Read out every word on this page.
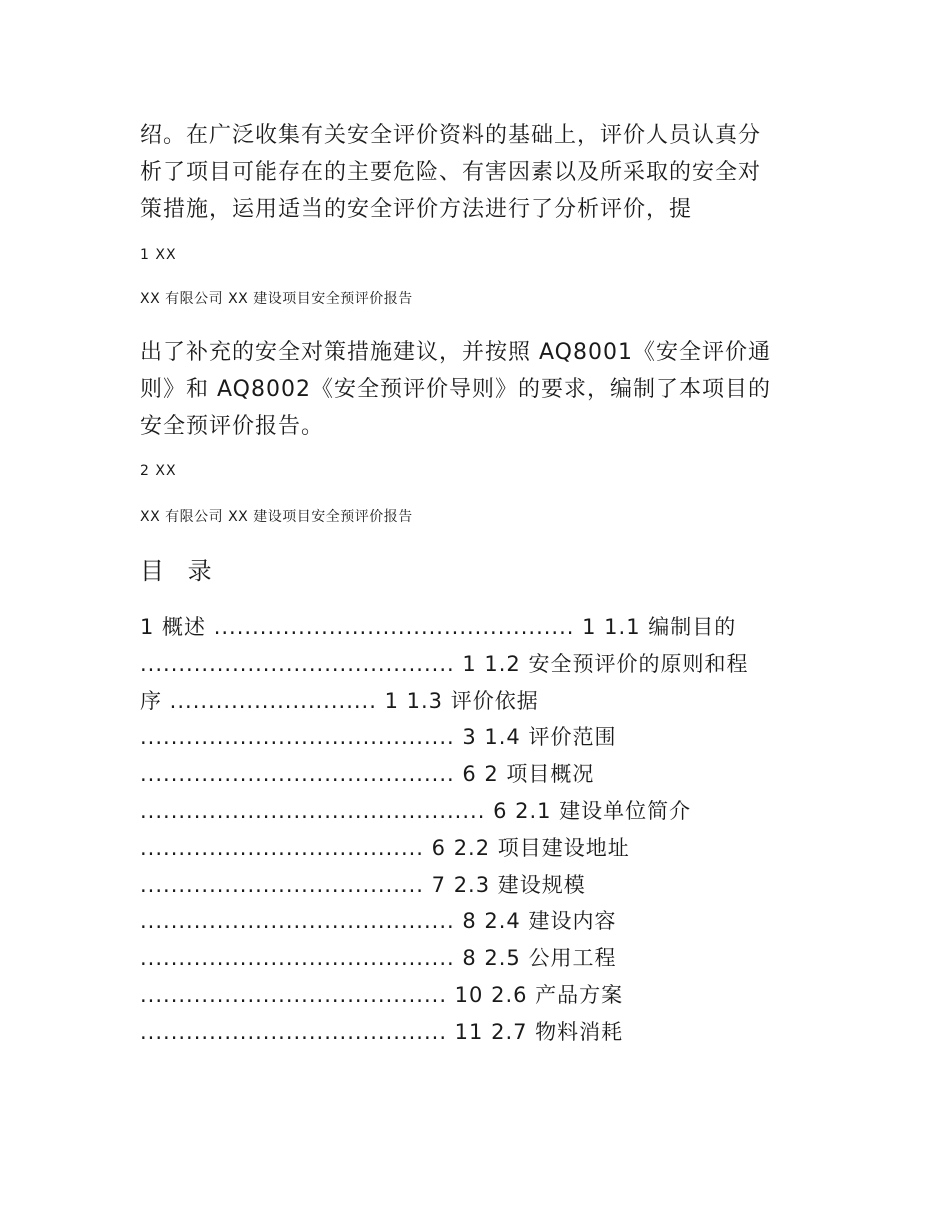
绍。在广泛收集有关安全评价资料的基础上，评价人员认真分
析了项目可能存在的主要危险、有害因素以及所采取的安全对
策措施，运用适当的安全评价方法进行了分析评价，提

1 XX

XX 有限公司 XX 建设项目安全预评价报告

出了补充的安全对策措施建议，并按照 AQ8001《安全评价通
则》和 AQ8002《安全预评价导则》的要求，编制了本项目的
安全预评价报告。

2 XX

XX 有限公司 XX 建设项目安全预评价报告

目 录

1 概述 ............................................... 1 1.1 编制目的
......................................... 1 1.2 安全预评价的原则和程
序 ........................... 1 1.3 评价依据
......................................... 3 1.4 评价范围
......................................... 6 2 项目概况
............................................. 6 2.1 建设单位简介
..................................... 6 2.2 项目建设地址
..................................... 7 2.3 建设规模
......................................... 8 2.4 建设内容
......................................... 8 2.5 公用工程
........................................ 10 2.6 产品方案
........................................ 11 2.7 物料消耗
